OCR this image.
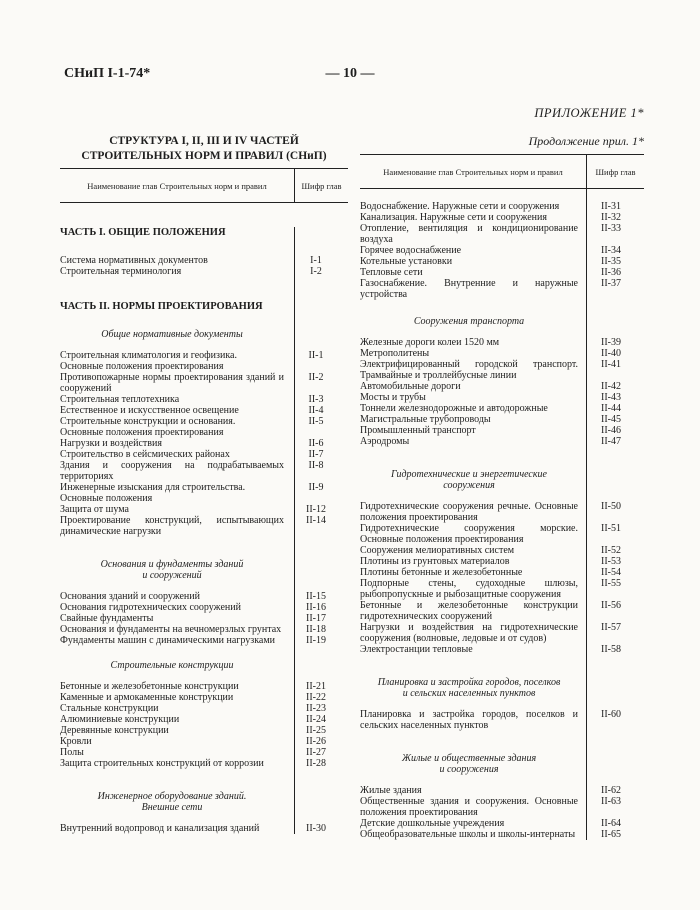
СНиП I-1-74*	— 10 —
ПРИЛОЖЕНИЕ 1*
СТРУКТУРА I, II, III И IV ЧАСТЕЙ
СТРОИТЕЛЬНЫХ НОРМ И ПРАВИЛ (СНиП)
Наименование глав Строительных норм и правил	Шифр глав
ЧАСТЬ I. ОБЩИЕ ПОЛОЖЕНИЯ
Система нормативных документов	I-1
Строительная терминология	I-2
ЧАСТЬ II. НОРМЫ ПРОЕКТИРОВАНИЯ
Общие нормативные документы
Строительная климатология и геофизика.	II-1
Основные положения проектирования
Противопожарные нормы проектирования зданий и сооружений
II-2
Строительная теплотехника	II-3
Естественное и искусственное освещение	II-4
Строительные конструкции и основания.	II-5
Основные положения проектирования
Нагрузки и воздействия	II-6
Строительство в сейсмических районах	II-7
Здания и сооружения на подрабатываемых территориях
II-8
Инженерные изыскания для строительства.	II-9
Основные положения
Защита от шума	II-12
Проектирование конструкций, испытывающих динамические нагрузки
II-14
Основания и фундаменты зданий
и сооружений
Основания зданий и сооружений	II-15
Основания гидротехнических сооружений	II-16
Свайные фундаменты	II-17
Основания и фундаменты на вечномерзлых грунтах	II-18
Фундаменты машин с динамическими нагрузками	II-19
Строительные конструкции
Бетонные и железобетонные конструкции	II-21
Каменные и армокаменные конструкции	II-22
Стальные конструкции	II-23
Алюминиевые конструкции	II-24
Деревянные конструкции	II-25
Кровли	II-26
Полы	II-27
Защита строительных конструкций от коррозии	II-28
Инженерное оборудование зданий.
Внешние сети
Внутренний водопровод и канализация зданий	II-30
Продолжение прил. 1*
Наименование глав Строительных норм и правил	Шифр глав
Водоснабжение. Наружные сети и сооружения	II-31
Канализация. Наружные сети и сооружения	II-32
Отопление, вентиляция и кондиционирование воздуха
II-33
Горячее водоснабжение	II-34
Котельные установки	II-35
Тепловые сети	II-36
Газоснабжение. Внутренние и наружные устройства
II-37
Сооружения транспорта
Железные дороги колеи 1520 мм	II-39
Метрополитены	II-40
Электрифицированный городской транспорт. Трамвайные и троллейбусные линии
II-41
Автомобильные дороги	II-42
Мосты и трубы	II-43
Тоннели железнодорожные и автодорожные	II-44
Магистральные трубопроводы	II-45
Промышленный транспорт	II-46
Аэродромы	II-47
Гидротехнические и энергетические
сооружения
Гидротехнические сооружения речные. Основные положения проектирования
II-50
Гидротехнические сооружения морские. Основные положения проектирования
II-51
Сооружения мелиоративных систем	II-52
Плотины из грунтовых материалов	II-53
Плотины бетонные и железобетонные	II-54
Подпорные стены, судоходные шлюзы, рыбопропускные и рыбозащитные сооружения
II-55
Бетонные и железобетонные конструкции гидротехнических сооружений
II-56
Нагрузки и воздействия на гидротехнические сооружения (волновые, ледовые и от судов)
II-57
Электростанции тепловые	II-58
Планировка и застройка городов, поселков
и сельских населенных пунктов
Планировка и застройка городов, поселков и сельских населенных пунктов
II-60
Жилые и общественные здания
и сооружения
Жилые здания	II-62
Общественные здания и сооружения. Основные положения проектирования
II-63
Детские дошкольные учреждения	II-64
Общеобразовательные школы и школы-интернаты	II-65
